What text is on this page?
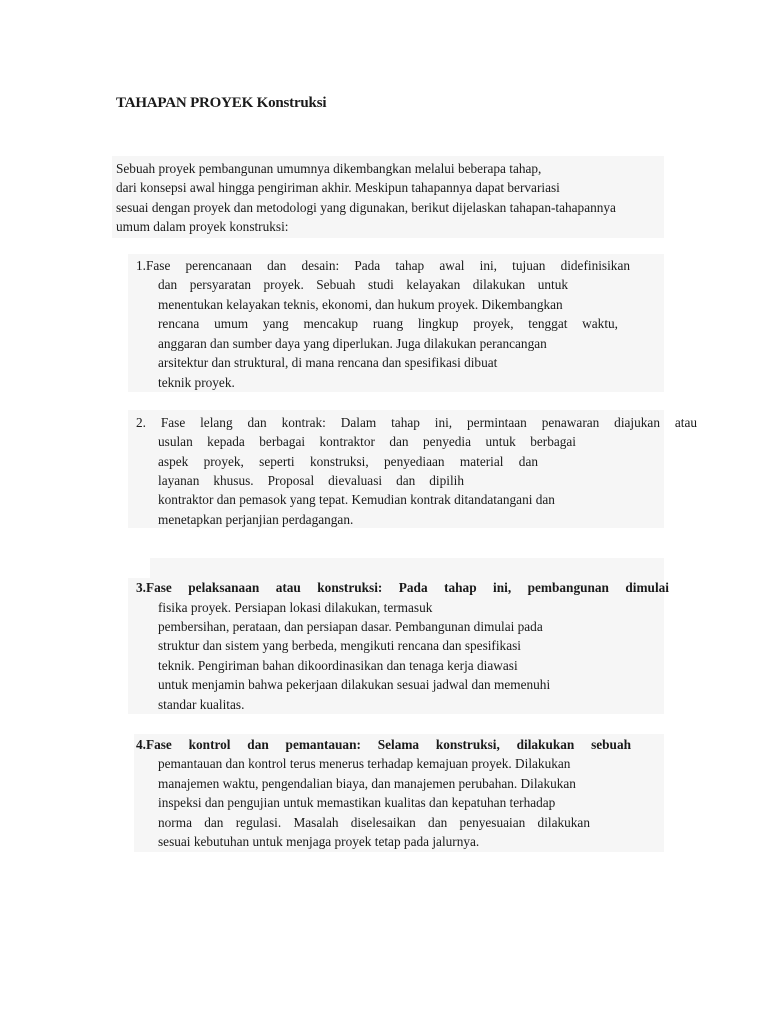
TAHAPAN PROYEK Konstruksi
Sebuah proyek pembangunan umumnya dikembangkan melalui beberapa tahap,
dari konsepsi awal hingga pengiriman akhir. Meskipun tahapannya dapat bervariasi
sesuai dengan proyek dan metodologi yang digunakan, berikut dijelaskan tahapan-tahapannya
umum dalam proyek konstruksi:
1.Fase perencanaan dan desain: Pada tahap awal ini, tujuan didefinisikan
dan persyaratan proyek. Sebuah studi kelayakan dilakukan untuk
menentukan kelayakan teknis, ekonomi, dan hukum proyek. Dikembangkan
rencana umum yang mencakup ruang lingkup proyek, tenggat waktu,
anggaran dan sumber daya yang diperlukan. Juga dilakukan perancangan
arsitektur dan struktural, di mana rencana dan spesifikasi dibuat
teknik proyek.
2. Fase lelang dan kontrak: Dalam tahap ini, permintaan penawaran diajukan atau
usulan kepada berbagai kontraktor dan penyedia untuk berbagai
aspek proyek, seperti konstruksi, penyediaan material dan
layanan khusus. Proposal dievaluasi dan dipilih
kontraktor dan pemasok yang tepat. Kemudian kontrak ditandatangani dan
menetapkan perjanjian perdagangan.
3.Fase pelaksanaan atau konstruksi: Pada tahap ini, pembangunan dimulai
fisika proyek. Persiapan lokasi dilakukan, termasuk
pembersihan, perataan, dan persiapan dasar. Pembangunan dimulai pada
struktur dan sistem yang berbeda, mengikuti rencana dan spesifikasi
teknik. Pengiriman bahan dikoordinasikan dan tenaga kerja diawasi
untuk menjamin bahwa pekerjaan dilakukan sesuai jadwal dan memenuhi
standar kualitas.
4.Fase kontrol dan pemantauan: Selama konstruksi, dilakukan sebuah
pemantauan dan kontrol terus menerus terhadap kemajuan proyek. Dilakukan
manajemen waktu, pengendalian biaya, dan manajemen perubahan. Dilakukan
inspeksi dan pengujian untuk memastikan kualitas dan kepatuhan terhadap
norma dan regulasi. Masalah diselesaikan dan penyesuaian dilakukan
sesuai kebutuhan untuk menjaga proyek tetap pada jalurnya.
